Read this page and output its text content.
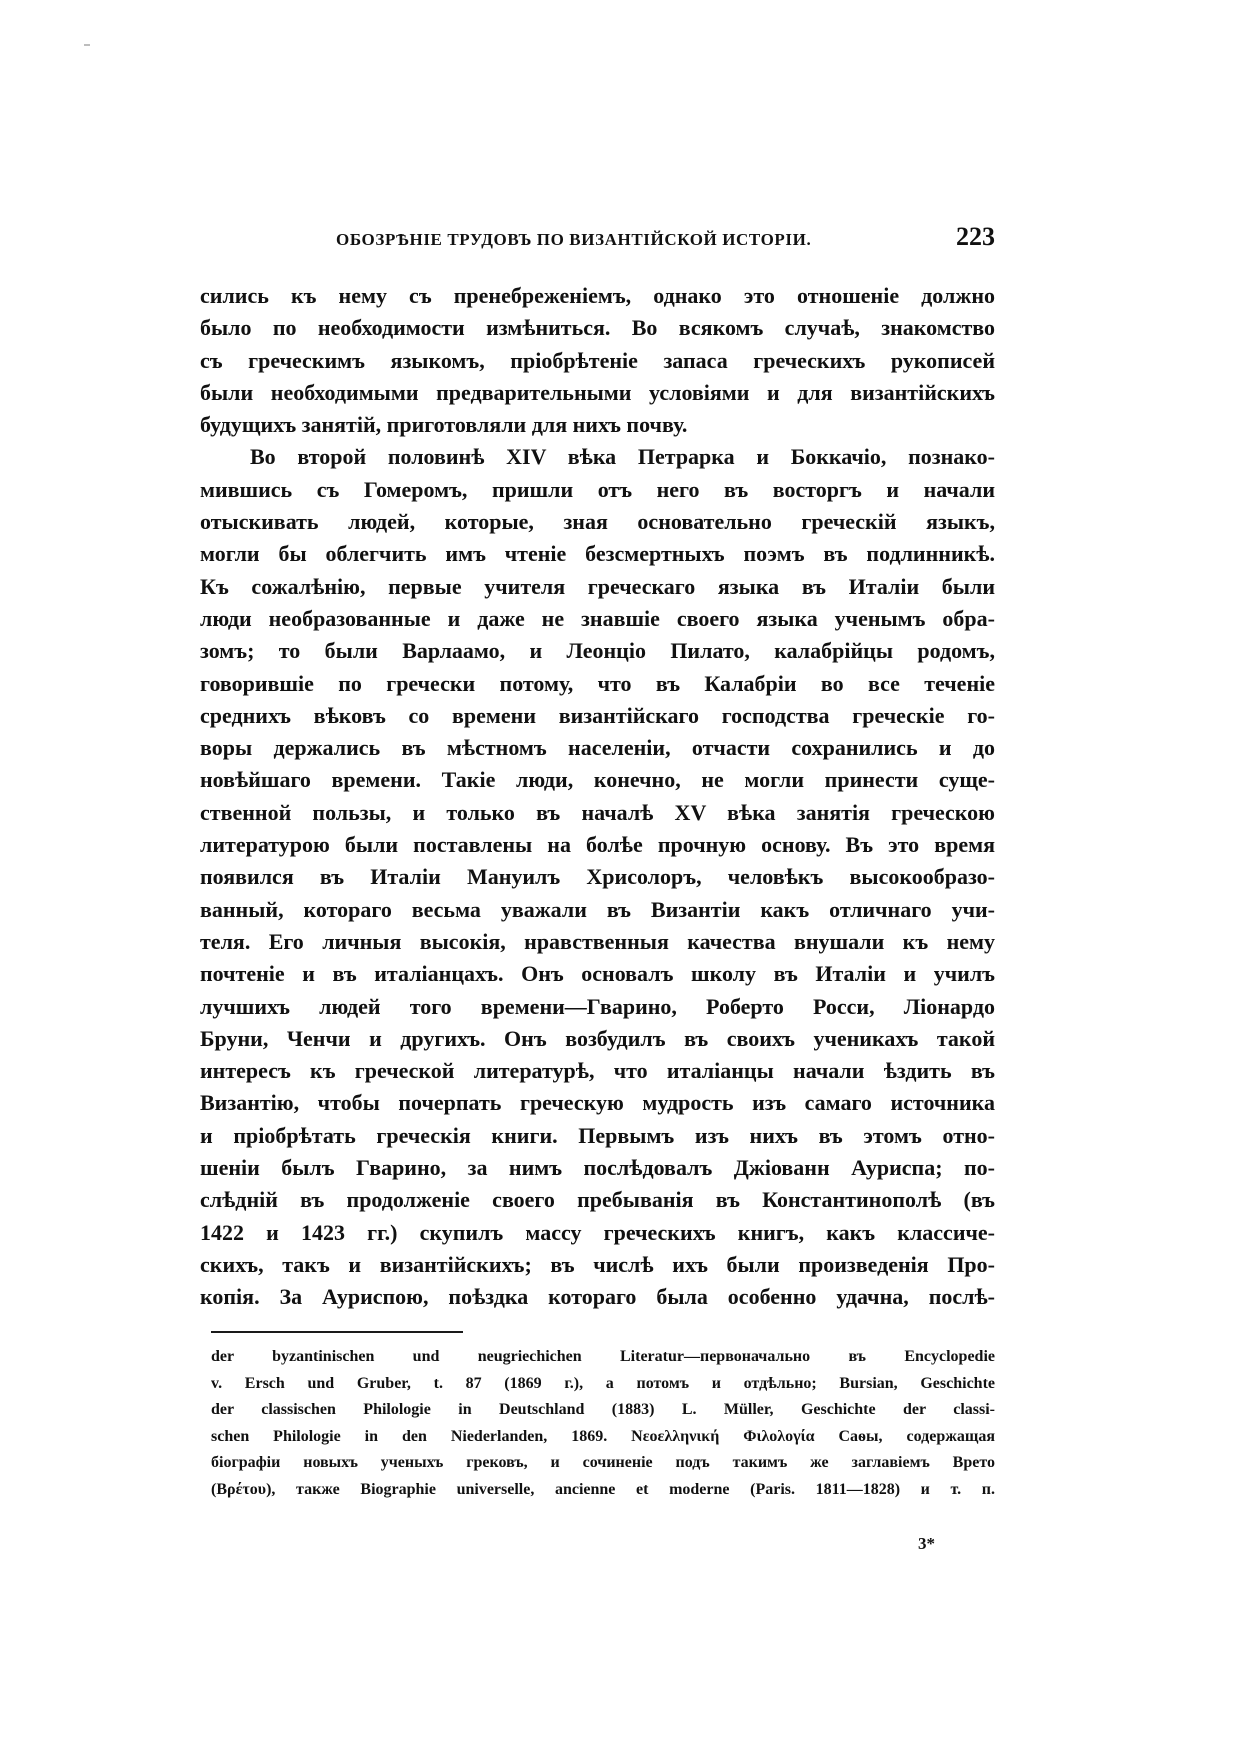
ОБОЗРѢНІЕ ТРУДОВЪ ПО ВИЗАНТІЙСКОЙ ИСТОРІИ.	223
сились къ нему съ пренебреженіемъ, однако это отношеніе должно
было по необходимости измѣниться. Во всякомъ случаѣ, знакомство
съ греческимъ языкомъ, пріобрѣтеніе запаса греческихъ рукописей
были необходимыми предварительными условіями и для византійскихъ
будущихъ занятій, приготовляли для нихъ почву.
Во второй половинѣ XIV вѣка Петрарка и Боккачіо, познако-
мившись съ Гомеромъ, пришли отъ него въ восторгъ и начали
отыскивать людей, которые, зная основательно греческій языкъ,
могли бы облегчить имъ чтеніе безсмертныхъ поэмъ въ подлинникѣ.
Къ сожалѣнію, первые учителя греческаго языка въ Италіи были
люди необразованные и даже не знавшіе своего языка ученымъ обра-
зомъ; то были Варлаамо, и Леонціо Пилато, калабрійцы родомъ,
говорившіе по гречески потому, что въ Калабріи во все теченіе
среднихъ вѣковъ со времени византійскаго господства греческіе го-
воры держались въ мѣстномъ населеніи, отчасти сохранились и до
новѣйшаго времени. Такіе люди, конечно, не могли принести суще-
ственной пользы, и только въ началѣ XV вѣка занятія греческою
литературою были поставлены на болѣе прочную основу. Въ это время
появился въ Италіи Мануилъ Хрисолоръ, человѣкъ высокообразо-
ванный, котораго весьма уважали въ Византіи какъ отличнаго учи-
теля. Его личныя высокія, нравственныя качества внушали къ нему
почтеніе и въ италіанцахъ. Онъ основалъ школу въ Италіи и училъ
лучшихъ людей того времени—Гварино, Роберто Росси, Ліонардо
Бруни, Ченчи и другихъ. Онъ возбудилъ въ своихъ ученикахъ такой
интересъ къ греческой литературѣ, что италіанцы начали ѣздить въ
Византію, чтобы почерпать греческую мудрость изъ самаго источника
и пріобрѣтать греческія книги. Первымъ изъ нихъ въ этомъ отно-
шеніи былъ Гварино, за нимъ послѣдовалъ Джіованн Ауриспа; по-
слѣдній въ продолженіе своего пребыванія въ Константинополѣ (въ
1422 и 1423 гг.) скупилъ массу греческихъ книгъ, какъ классиче-
скихъ, такъ и византійскихъ; въ числѣ ихъ были произведенія Про-
копія. За Ауриспою, поѣздка котораго была особенно удачна, послѣ-
der byzantinischen und neugriechichen Literatur—первоначально въ Encyclopedie
v. Ersch und Gruber, t. 87 (1869 г.), а потомъ и отдѣльно; Bursian, Geschichte
der classischen Philologie in Deutschland (1883) L. Müller, Geschichte der classi-
schen Philologie in den Niederlanden, 1869. Νεοελληνική Φιλολογία Саѳы, содержащая
біографіи новыхъ ученыхъ грековъ, и сочиненіе подъ такимъ же заглавіемъ Врето
(Βρέτου), также Biographie universelle, ancienne et moderne (Paris. 1811—1828) и т. п.
3*
